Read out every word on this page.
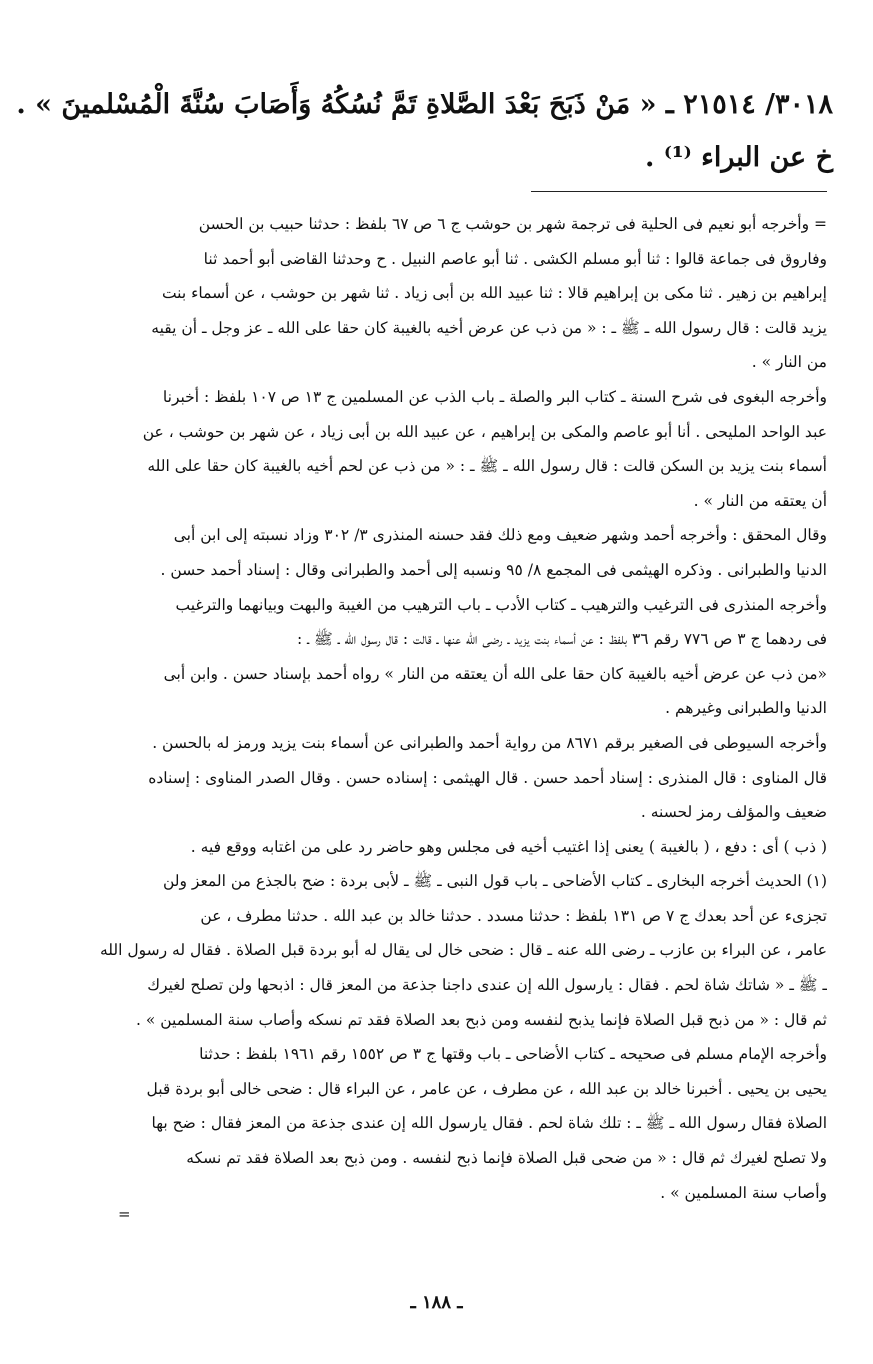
٣٠١٨/ ٢١٥١٤ ـ « مَنْ ذَبَحَ بَعْدَ الصَّلاةِ تَمَّ نُسُكُهُ وَأَصَابَ سُنَّةَ الْمُسْلمينَ » .

خ عن البراء ⁽¹⁾ .

= وأخرجه أبو نعيم فى الحلية فى ترجمة شهر بن حوشب ج ٦ ص ٦٧ بلفظ : حدثنا حبيب بن الحسن

وفاروق فى جماعة قالوا : ثنا أبو مسلم الكشى . ثنا أبو عاصم النبيل . ح وحدثنا القاضى أبو أحمد ثنا

إبراهيم بن زهير . ثنا مكى بن إبراهيم قالا : ثنا عبيد الله بن أبى زياد . ثنا شهر بن حوشب ، عن أسماء بنت

يزيد قالت : قال رسول الله ـ ﷺ ـ : « من ذب عن عرض أخيه بالغيبة كان حقا على الله ـ عز وجل ـ أن يقيه

من النار » .

وأخرجه البغوى فى شرح السنة ـ كتاب البر والصلة ـ باب الذب عن المسلمين ج ١٣ ص ١٠٧ بلفظ : أخبرنا

عبد الواحد المليحى . أنا أبو عاصم والمكى بن إبراهيم ، عن عبيد الله بن أبى زياد ، عن شهر بن حوشب ، عن

أسماء بنت يزيد بن السكن قالت : قال رسول الله ـ ﷺ ـ : « من ذب عن لحم أخيه بالغيبة كان حقا على الله

أن يعتقه من النار » .

وقال المحقق : وأخرجه أحمد وشهر ضعيف ومع ذلك فقد حسنه المنذرى ٣/ ٣٠٢ وزاد نسبته إلى ابن أبى

الدنيا والطبرانى . وذكره الهيثمى فى المجمع ٨/ ٩٥ ونسبه إلى أحمد والطبرانى وقال : إسناد أحمد حسن .

وأخرجه المنذرى فى الترغيب والترهيب ـ كتاب الأدب ـ باب الترهيب من الغيبة والبهت وبيانهما والترغيب

فى ردهما ج ٣ ص ٧٧٦ رقم ٣٦ بلفظ : عن أسماء بنت يزيد ـ رضى الله عنها ـ قالت : قال رسول الله ـ ﷺ ـ :

«من ذب عن عرض أخيه بالغيبة كان حقا على الله أن يعتقه من النار » رواه أحمد بإسناد حسن . وابن أبى

الدنيا والطبرانى وغيرهم .

وأخرجه السيوطى فى الصغير برقم ٨٦٧١ من رواية أحمد والطبرانى عن أسماء بنت يزيد ورمز له بالحسن .

قال المناوى : قال المنذرى : إسناد أحمد حسن . قال الهيثمى : إسناده حسن . وقال الصدر المناوى : إسناده

ضعيف والمؤلف رمز لحسنه .

( ذب ) أى : دفع ، ( بالغيبة ) يعنى إذا اغتيب أخيه فى مجلس وهو حاضر رد على من اغتابه ووقع فيه .

(١) الحديث أخرجه البخارى ـ كتاب الأضاحى ـ باب قول النبى ـ ﷺ ـ لأبى بردة : ضح بالجذع من المعز ولن

تجزىء عن أحد بعدك ج ٧ ص ١٣١ بلفظ : حدثنا مسدد . حدثنا خالد بن عبد الله . حدثنا مطرف ، عن

عامر ، عن البراء بن عازب ـ رضى الله عنه ـ قال : ضحى خال لى يقال له أبو بردة قبل الصلاة . فقال له رسول الله

ـ ﷺ ـ « شاتك شاة لحم . فقال : يارسول الله إن عندى داجنا جذعة من المعز قال : اذبحها ولن تصلح لغيرك

ثم قال : « من ذبح قبل الصلاة فإنما يذبح لنفسه ومن ذبح بعد الصلاة فقد تم نسكه وأصاب سنة المسلمين » .

وأخرجه الإمام مسلم فى صحيحه ـ كتاب الأضاحى ـ باب وقتها ج ٣ ص ١٥٥٢ رقم ١٩٦١ بلفظ : حدثنا

يحيى بن يحيى . أخبرنا خالد بن عبد الله ، عن مطرف ، عن عامر ، عن البراء قال : ضحى خالى أبو بردة قبل

الصلاة فقال رسول الله ـ ﷺ ـ : تلك شاة لحم . فقال يارسول الله إن عندى جذعة من المعز فقال : ضح بها

ولا تصلح لغيرك ثم قال : « من ضحى قبل الصلاة فإنما ذبح لنفسه . ومن ذبح بعد الصلاة فقد تم نسكه

وأصاب سنة المسلمين » .

=
ـ ١٨٨ ـ
